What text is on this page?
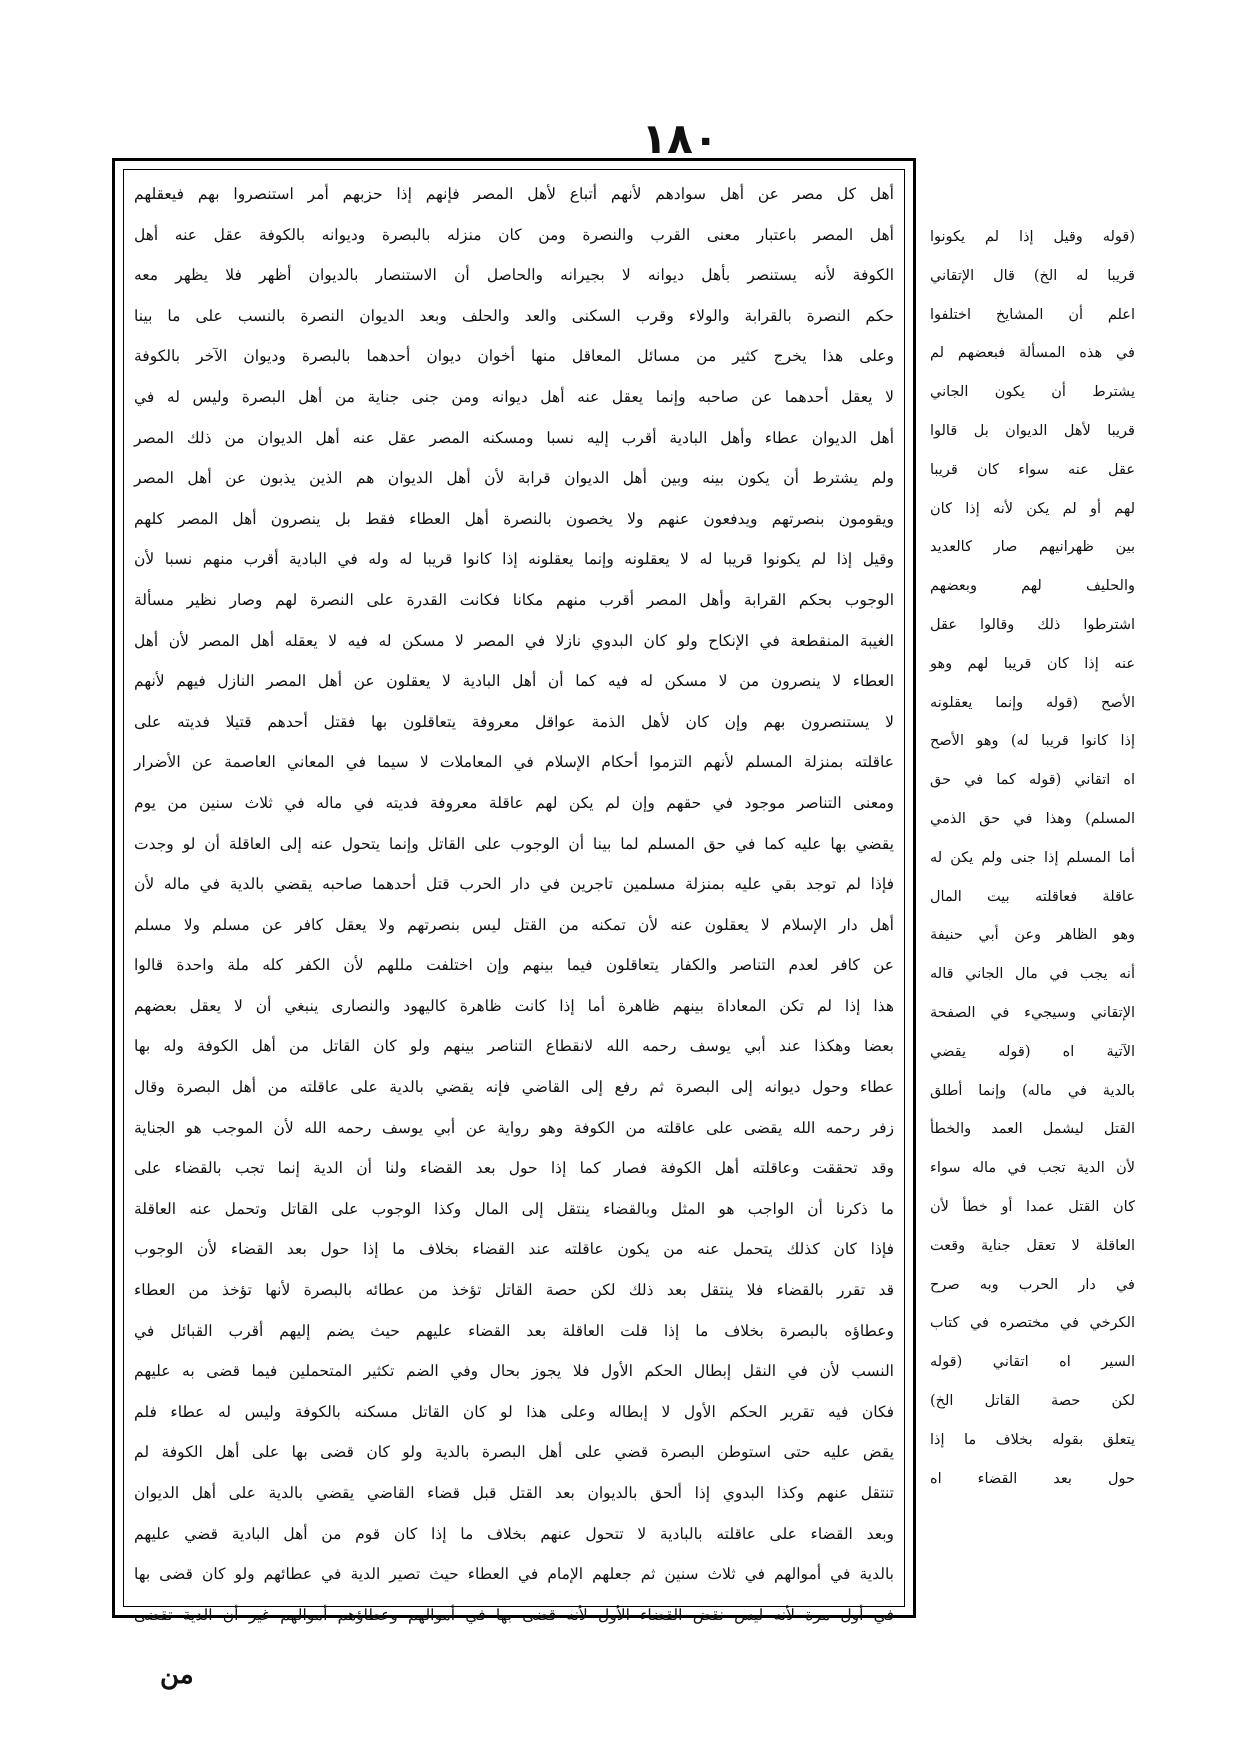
١٨٠
أهل كل مصر عن أهل سوادهم لأنهم أتباع لأهل المصر فإنهم إذا حزبهم أمر استنصروا بهم فيعقلهم
أهل المصر باعتبار معنى القرب والنصرة ومن كان منزله بالبصرة وديوانه بالكوفة عقل عنه أهل
الكوفة لأنه يستنصر بأهل ديوانه لا بجيرانه والحاصل أن الاستنصار بالديوان أظهر فلا يظهر معه
حكم النصرة بالقرابة والولاء وقرب السكنى والعد والحلف وبعد الديوان النصرة بالنسب على ما بينا
وعلى هذا يخرج كثير من مسائل المعاقل منها أخوان ديوان أحدهما بالبصرة وديوان الآخر بالكوفة
لا يعقل أحدهما عن صاحبه وإنما يعقل عنه أهل ديوانه ومن جنى جناية من أهل البصرة وليس له في
أهل الديوان عطاء وأهل البادية أقرب إليه نسبا ومسكنه المصر عقل عنه أهل الديوان من ذلك المصر
ولم يشترط أن يكون بينه وبين أهل الديوان قرابة لأن أهل الديوان هم الذين يذبون عن أهل المصر
ويقومون بنصرتهم ويدفعون عنهم ولا يخصون بالنصرة أهل العطاء فقط بل ينصرون أهل المصر كلهم
وقيل إذا لم يكونوا قريبا له لا يعقلونه وإنما يعقلونه إذا كانوا قريبا له وله في البادية أقرب منهم نسبا لأن
الوجوب بحكم القرابة وأهل المصر أقرب منهم مكانا فكانت القدرة على النصرة لهم وصار نظير مسألة
الغيبة المنقطعة في الإنكاح ولو كان البدوي نازلا في المصر لا مسكن له فيه لا يعقله أهل المصر لأن أهل
العطاء لا ينصرون من لا مسكن له فيه كما أن أهل البادية لا يعقلون عن أهل المصر النازل فيهم لأنهم
لا يستنصرون بهم وإن كان لأهل الذمة عواقل معروفة يتعاقلون بها فقتل أحدهم قتيلا فديته على
عاقلته بمنزلة المسلم لأنهم التزموا أحكام الإسلام في المعاملات لا سيما في المعاني العاصمة عن الأضرار
ومعنى التناصر موجود في حقهم وإن لم يكن لهم عاقلة معروفة فديته في ماله في ثلاث سنين من يوم
يقضي بها عليه كما في حق المسلم لما بينا أن الوجوب على القاتل وإنما يتحول عنه إلى العاقلة أن لو وجدت
فإذا لم توجد بقي عليه بمنزلة مسلمين تاجرين في دار الحرب قتل أحدهما صاحبه يقضي بالدية في ماله لأن
أهل دار الإسلام لا يعقلون عنه لأن تمكنه من القتل ليس بنصرتهم ولا يعقل كافر عن مسلم ولا مسلم
عن كافر لعدم التناصر والكفار يتعاقلون فيما بينهم وإن اختلفت مللهم لأن الكفر كله ملة واحدة قالوا
هذا إذا لم تكن المعاداة بينهم ظاهرة أما إذا كانت ظاهرة كاليهود والنصارى ينبغي أن لا يعقل بعضهم
بعضا وهكذا عند أبي يوسف رحمه الله لانقطاع التناصر بينهم ولو كان القاتل من أهل الكوفة وله بها
عطاء وحول ديوانه إلى البصرة ثم رفع إلى القاضي فإنه يقضي بالدية على عاقلته من أهل البصرة وقال
زفر رحمه الله يقضى على عاقلته من الكوفة وهو رواية عن أبي يوسف رحمه الله لأن الموجب هو الجناية
وقد تحققت وعاقلته أهل الكوفة فصار كما إذا حول بعد القضاء ولنا أن الدية إنما تجب بالقضاء على
ما ذكرنا أن الواجب هو المثل وبالقضاء ينتقل إلى المال وكذا الوجوب على القاتل وتحمل عنه العاقلة
فإذا كان كذلك يتحمل عنه من يكون عاقلته عند القضاء بخلاف ما إذا حول بعد القضاء لأن الوجوب
قد تقرر بالقضاء فلا ينتقل بعد ذلك لكن حصة القاتل تؤخذ من عطائه بالبصرة لأنها تؤخذ من العطاء
وعطاؤه بالبصرة بخلاف ما إذا قلت العاقلة بعد القضاء عليهم حيث يضم إليهم أقرب القبائل في
النسب لأن في النقل إبطال الحكم الأول فلا يجوز بحال وفي الضم تكثير المتحملين فيما قضى به عليهم
فكان فيه تقرير الحكم الأول لا إبطاله وعلى هذا لو كان القاتل مسكنه بالكوفة وليس له عطاء فلم
يقض عليه حتى استوطن البصرة قضي على أهل البصرة بالدية ولو كان قضى بها على أهل الكوفة لم
تنتقل عنهم وكذا البدوي إذا ألحق بالديوان بعد القتل قبل قضاء القاضي يقضي بالدية على أهل الديوان
وبعد القضاء على عاقلته بالبادية لا تتحول عنهم بخلاف ما إذا كان قوم من أهل البادية قضي عليهم
بالدية في أموالهم في ثلاث سنين ثم جعلهم الإمام في العطاء حيث تصير الدية في عطائهم ولو كان قضى بها
في أول مرة لأنه ليس نقض القضاء الأول لأنه قضى بها في أموالهم وعطاؤهم أموالهم غير أن الدية تقضى
(قوله وقيل إذا لم يكونوا
قريبا له الخ) قال الإتقاني
اعلم أن المشايخ اختلفوا
في هذه المسألة فبعضهم لم
يشترط أن يكون الجاني
قريبا لأهل الديوان بل قالوا
عقل عنه سواء كان قريبا
لهم أو لم يكن لأنه إذا كان
بين ظهرانيهم صار كالعديد
والحليف لهم وبعضهم
اشترطوا ذلك وقالوا عقل
عنه إذا كان قريبا لهم وهو
الأصح (قوله وإنما يعقلونه
إذا كانوا قريبا له) وهو الأصح
اه اتقاني (قوله كما في حق
المسلم) وهذا في حق الذمي
أما المسلم إذا جنى ولم يكن له
عاقلة فعاقلته بيت المال
وهو الظاهر وعن أبي حنيفة
أنه يجب في مال الجاني قاله
الإتقاني وسيجيء في الصفحة
الآتية اه (قوله يقضي
بالدية في ماله) وإنما أطلق
القتل ليشمل العمد والخطأ
لأن الدية تجب في ماله سواء
كان القتل عمدا أو خطأ لأن
العاقلة لا تعقل جناية وقعت
في دار الحرب وبه صرح
الكرخي في مختصره في كتاب
السير اه اتقاني (قوله
لكن حصة القاتل الخ)
يتعلق بقوله بخلاف ما إذا
حول بعد القضاء اه
من
